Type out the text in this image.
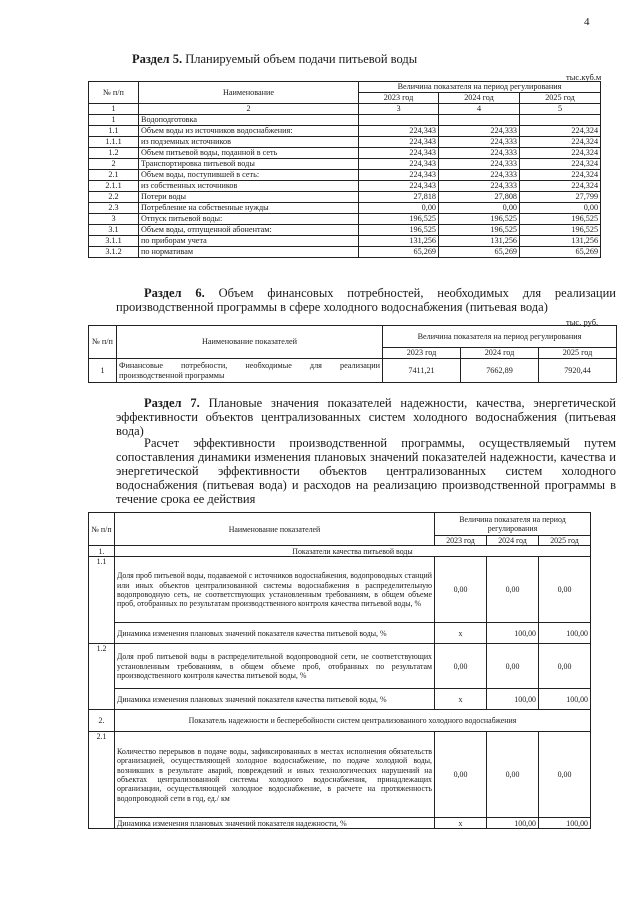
4
Раздел 5. Планируемый объем подачи питьевой воды
тыс.куб.м
№ п/п	Наименование	Величина показателя на период регулирования		
		2023 год	2024 год	2025 год
1	2	3	4	5
1	Водоподготовка			
1.1	Объем воды из источников водоснабжения:	224,343	224,333	224,324
1.1.1	из подземных источников	224,343	224,333	224,324
1.2	Объем питьевой воды, поданной в сеть	224,343	224,333	224,324
2	Транспортировка питьевой воды	224,343	224,333	224,324
2.1	Объем воды, поступившей в сеть:	224,343	224,333	224,324
2.1.1	из собственных источников	224,343	224,333	224,324
2.2	Потери воды	27,818	27,808	27,799
2.3	Потребление на собственные нужды	0,00	0,00	0,00
3	Отпуск питьевой воды:	196,525	196,525	196,525
3.1	Объем воды, отпущенной абонентам:	196,525	196,525	196,525
3.1.1	по приборам учета	131,256	131,256	131,256
3.1.2	по нормативам	65,269	65,269	65,269
Раздел 6. Объем финансовых потребностей, необходимых для реализации производственной программы в сфере холодного водоснабжения (питьевая вода)
тыс. руб.
№ п/п	Наименование показателей	Величина показателя на период регулирования		
		2023 год	2024 год	2025 год
1	Финансовые потребности, необходимые для реализации производственной программы	7411,21	7662,89	7920,44
Раздел 7. Плановые значения показателей надежности, качества, энергетической эффективности объектов централизованных систем холодного водоснабжения (питьевая вода)
Расчет эффективности производственной программы, осуществляемый путем сопоставления динамики изменения плановых значений показателей надежности, качества и энергетической эффективности объектов централизованных систем холодного водоснабжения (питьевая вода) и расходов на реализацию производственной программы в течение срока ее действия
№ п/п	Наименование показателей	Величина показателя на период регулирования		
		2023 год	2024 год	2025 год
1.	Показатели качества питьевой воды			
1.1	Доля проб питьевой воды, подаваемой с источников водоснабжения, водопроводных станций или иных объектов централизованной системы водоснабжения в распределительную водопроводную сеть, не соответствующих установленным требованиям, в общем объеме проб, отобранных по результатам производственного контроля качества питьевой воды, %	0,00	0,00	0,00
	Динамика изменения плановых значений показателя качества питьевой воды, %	х	100,00	100,00
1.2	Доля проб питьевой воды в распределительной водопроводной сети, не соответствующих установленным требованиям, в общем объеме проб, отобранных по результатам производственного контроля качества питьевой воды, %	0,00	0,00	0,00
	Динамика изменения плановых значений показателя качества питьевой воды, %	х	100,00	100,00
2.	Показатель надежности и бесперебойности систем централизованного холодного водоснабжения			
2.1	Количество перерывов в подаче воды, зафиксированных в местах исполнения обязательств организацией, осуществляющей холодное водоснабжение, по подаче холодной воды, возникших в результате аварий, повреждений и иных технологических нарушений на объектах централизованной системы холодного водоснабжения, принадлежащих организации, осуществляющей холодное водоснабжение, в расчете на протяженность водопроводной сети в год, ед./ км	0,00	0,00	0,00
	Динамика изменения плановых значений показателя надежности, %	х	100,00	100,00
